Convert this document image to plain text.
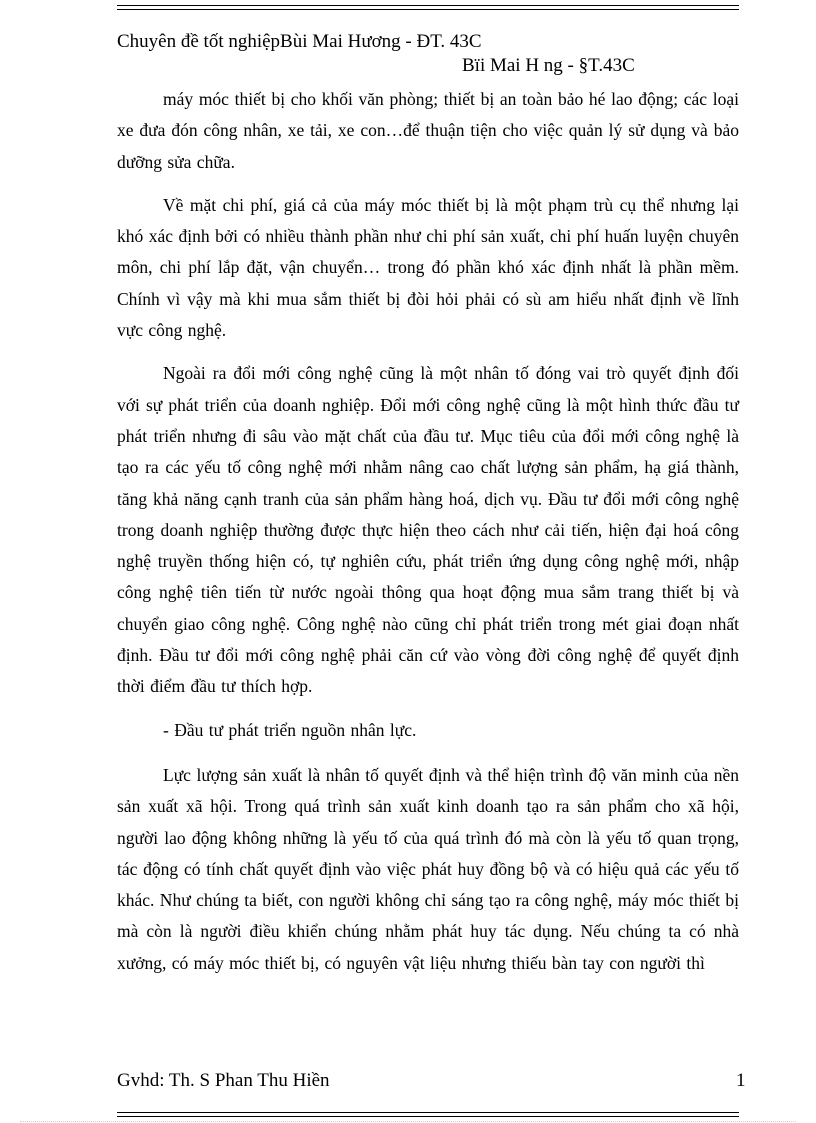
Chuyên đề tốt nghiệpBùi Mai Hương - ĐT. 43C
Bïi Mai H ng - §T.43C

máy móc thiết bị cho khối văn phòng; thiết bị an toàn bảo hé lao động; các loại xe đưa đón công nhân, xe tải, xe con…để thuận tiện cho việc quản lý sử dụng và bảo dưỡng sửa chữa.

Về mặt chi phí, giá cả của máy móc thiết bị là một phạm trù cụ thể nhưng lại khó xác định bởi có nhiều thành phần như chi phí sản xuất, chi phí huấn luyện chuyên môn, chi phí lắp đặt, vận chuyển… trong đó phần khó xác định nhất là phần mềm. Chính vì vậy mà khi mua sắm thiết bị đòi hỏi phải có sù am hiểu nhất định về lĩnh vực công nghệ.

Ngoài ra đổi mới công nghệ cũng là một nhân tố đóng vai trò quyết định đối với sự phát triển của doanh nghiệp. Đổi mới công nghệ cũng là một hình thức đầu tư phát triển nhưng đi sâu vào mặt chất của đầu tư. Mục tiêu của đổi mới công nghệ là tạo ra các yếu tố công nghệ mới nhằm nâng cao chất lượng sản phẩm, hạ giá thành, tăng khả năng cạnh tranh của sản phẩm hàng hoá, dịch vụ. Đầu tư đổi mới công nghệ trong doanh nghiệp thường được thực hiện theo cách như cải tiến, hiện đại hoá công nghệ truyền thống hiện có, tự nghiên cứu, phát triển ứng dụng công nghệ mới, nhập công nghệ tiên tiến từ nước ngoài thông qua hoạt động mua sắm trang thiết bị và chuyển giao công nghệ. Công nghệ nào cũng chỉ phát triển trong mét giai đoạn nhất định. Đầu tư đổi mới công nghệ phải căn cứ vào vòng đời công nghệ để quyết định thời điểm đầu tư thích hợp.

- Đầu tư phát triển nguồn nhân lực.

Lực lượng sản xuất là nhân tố quyết định và thể hiện trình độ văn minh của nền sản xuất xã hội. Trong quá trình sản xuất kinh doanh tạo ra sản phẩm cho xã hội, người lao động không những là yếu tố của quá trình đó mà còn là yếu tố quan trọng, tác động có tính chất quyết định vào việc phát huy đồng bộ và có hiệu quả các yếu tố khác. Như chúng ta biết, con người không chỉ sáng tạo ra công nghệ, máy móc thiết bị mà còn là người điều khiển chúng nhằm phát huy tác dụng. Nếu chúng ta có nhà xưởng, có máy móc thiết bị, có nguyên vật liệu nhưng thiếu bàn tay con người thì

Gvhd: Th. S Phan Thu Hiền	1
